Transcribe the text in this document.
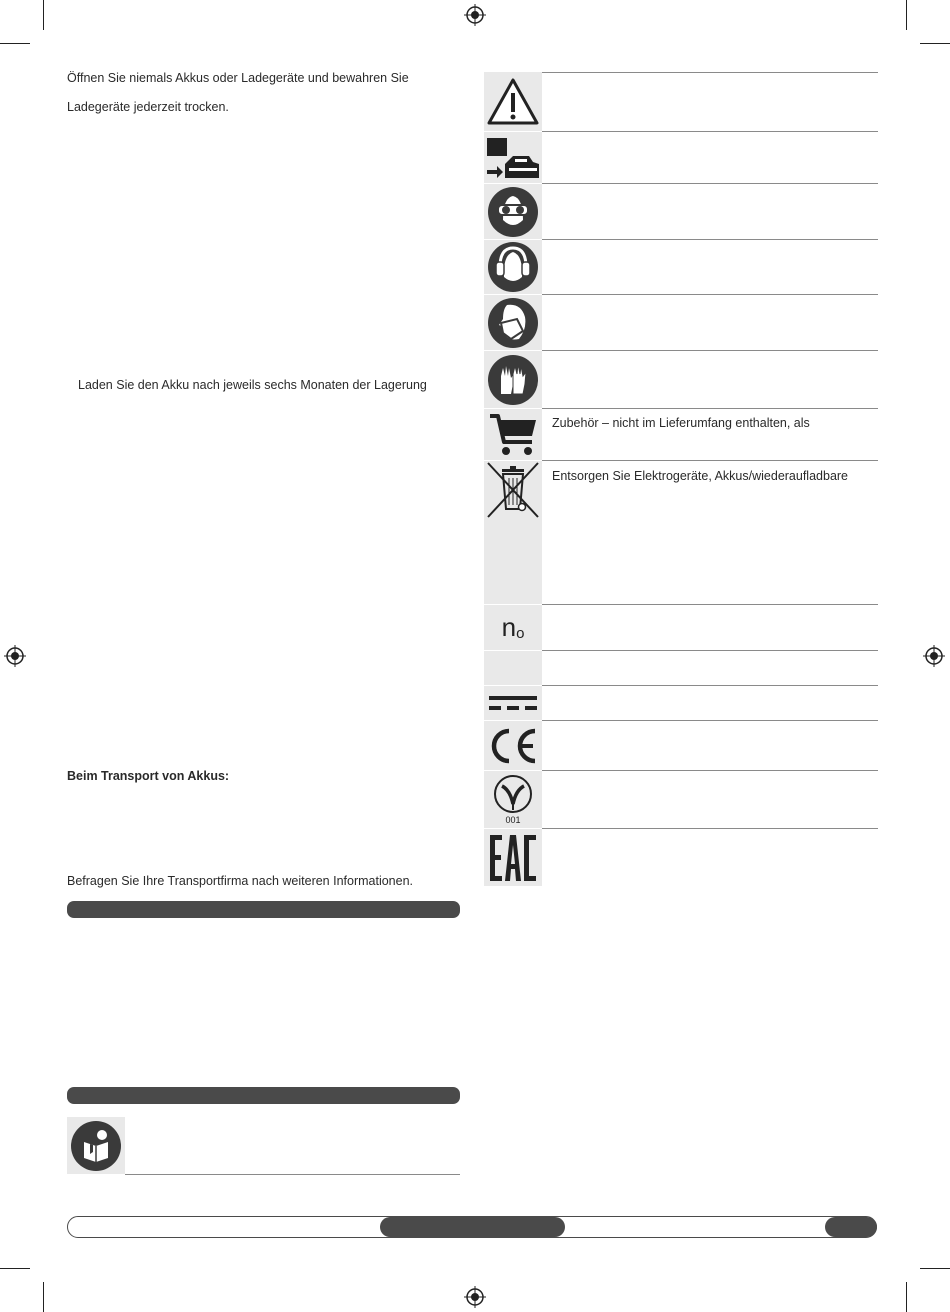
Öffnen Sie niemals Akkus oder Ladegeräte und bewahren Sie
Ladegeräte jederzeit trocken.
Laden Sie den Akku nach jeweils sechs Monaten der Lagerung
Beim Transport von Akkus:
Befragen Sie Ihre Transportfirma nach weiteren Informationen.
Zubehör – nicht im Lieferumfang enthalten, als
Entsorgen Sie Elektrogeräte, Akkus/wiederaufladbare
n o
001
